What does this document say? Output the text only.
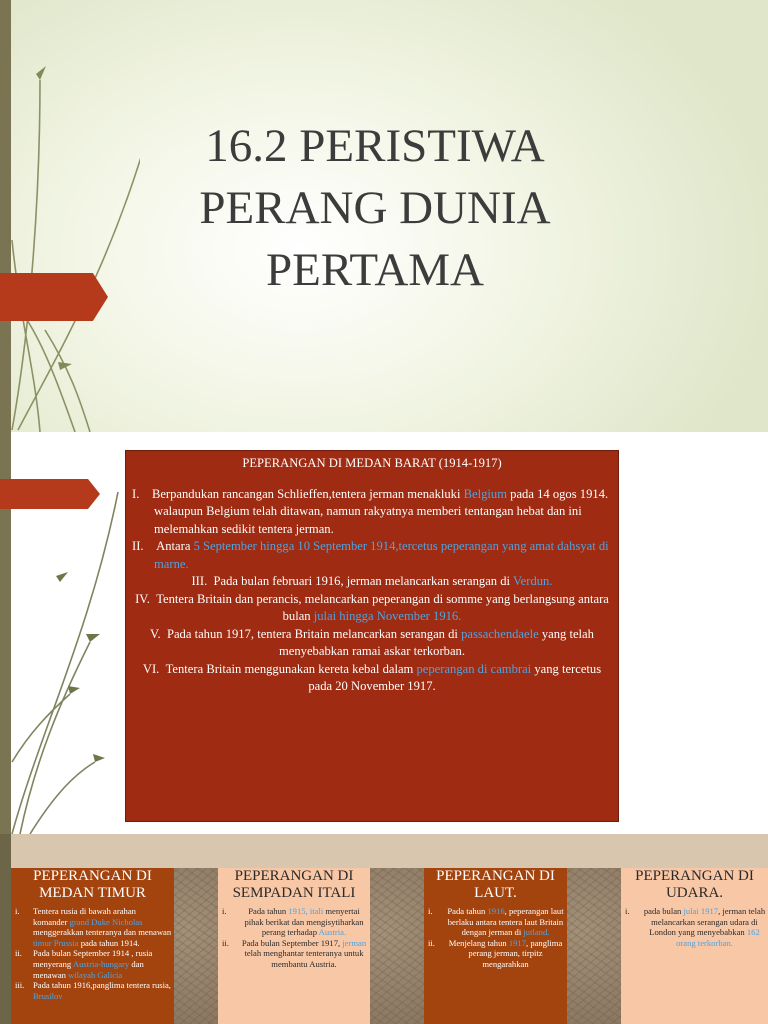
16.2 PERISTIWA
PERANG DUNIA
PERTAMA
PEPERANGAN DI MEDAN BARAT (1914-1917)

I. Berpandukan rancangan Schlieffen,tentera jerman menakluki Belgium pada 14 ogos 1914. walaupun Belgium telah ditawan, namun rakyatnya memberi tentangan hebat dan ini melemahkan sedikit tentera jerman.

II. Antara 5 September hingga 10 September 1914,tercetus peperangan yang amat dahsyat di marne.

III. Pada bulan februari 1916, jerman melancarkan serangan di Verdun.

IV. Tentera Britain dan perancis, melancarkan peperangan di somme yang berlangsung antara bulan julai hingga November 1916.

V. Pada tahun 1917, tentera Britain melancarkan serangan di passachendaele yang telah menyebabkan ramai askar terkorban.

VI. Tentera Britain menggunakan kereta kebal dalam peperangan di cambrai yang tercetus pada 20 November 1917.

PEPERANGAN DI MEDAN TIMUR
i. Tentera rusia di bawah arahan komander grand Duke Nicholas menggerakkan tenteranya dan menawan timur Prussia pada tahun 1914.
ii. Pada bulan September 1914 , rusia menyerang Austria-hungary dan menawan wilayah Galicia
iii. Pada tahun 1916,panglima tentera rusia, Brusilov
PEPERANGAN DI SEMPADAN ITALI
i.	Pada tahun 1915, itali menyertai pihak berikat dan mengisytiharkan perang terhadap Austria.
ii. Pada bulan September 1917, jerman telah menghantar tenteranya untuk membantu Austria.
PEPERANGAN DI LAUT.
i. Pada tahun 1916, peperangan laut berlaku antara tentera laut Britain dengan jerman di jutland.
ii. Menjelang tahun 1917, panglima perang jerman, tirpitz mengarahkan
PEPERANGAN DI UDARA.
i. pada bulan julai 1917, jerman telah melancarkan serangan udara di London yang menyebabkan 162 orang terkorban.
